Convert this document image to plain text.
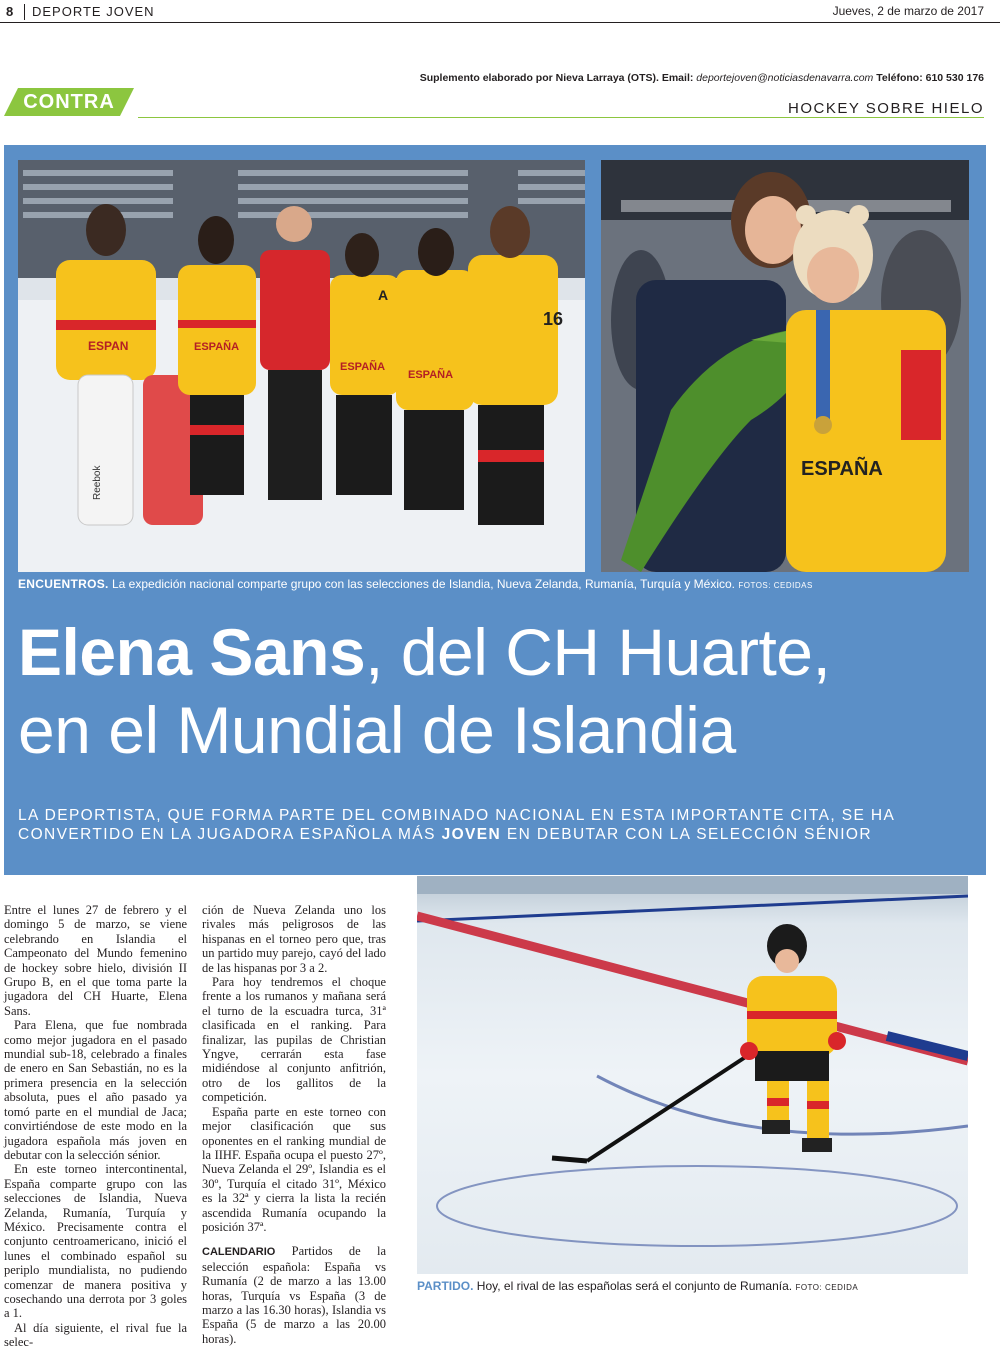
8 DEPORTE JOVEN	Jueves, 2 de marzo de 2017
Suplemento elaborado por Nieva Larraya (OTS). Email: deportejoven@noticiasdenavarra.com Teléfono: 610 530 176
CONTRA	HOCKEY SOBRE HIELO
ESPAN
Reebok
ESPAÑA
ESPAÑA
A
ESPAÑA
16
ESPAÑA
ENCUENTROS. La expedición nacional comparte grupo con las selecciones de Islandia, Nueva Zelanda, Rumanía, Turquía y México. FOTOS: CEDIDAS
Elena Sans, del CH Huarte,
en el Mundial de Islandia
LA DEPORTISTA, QUE FORMA PARTE DEL COMBINADO NACIONAL EN ESTA IMPORTANTE CITA, SE HA CONVERTIDO EN LA JUGADORA ESPAÑOLA MÁS JOVEN EN DEBUTAR CON LA SELECCIÓN SÉNIOR

Entre el lunes 27 de febrero y el domingo 5 de marzo, se viene celebrando en Islandia el Campeonato del Mundo femenino de hockey sobre hielo, división II Grupo B, en el que toma parte la jugadora del CH Huarte, Elena Sans.

Para Elena, que fue nombrada como mejor jugadora en el pasado mundial sub-18, celebrado a finales de enero en San Sebastián, no es la primera presencia en la selección absoluta, pues el año pasado ya tomó parte en el mundial de Jaca; convirtiéndose de este modo en la jugadora española más joven en debutar con la selección sénior.

En este torneo intercontinental, España comparte grupo con las selecciones de Islandia, Nueva Zelanda, Rumanía, Turquía y México. Precisamente contra el conjunto centroamericano, inició el lunes el combinado español su periplo mundialista, no pudiendo comenzar de manera positiva y cosechando una derrota por 3 goles a 1.

Al día siguiente, el rival fue la selec-

ción de Nueva Zelanda uno los rivales más peligrosos de las hispanas en el torneo pero que, tras un partido muy parejo, cayó del lado de las hispanas por 3 a 2.

Para hoy tendremos el choque frente a los rumanos y mañana será el turno de la escuadra turca, 31ª clasificada en el ranking. Para finalizar, las pupilas de Christian Yngve, cerrarán esta fase midiéndose al conjunto anfitrión, otro de los gallitos de la competición.

España parte en este torneo con mejor clasificación que sus oponentes en el ranking mundial de la IIHF. España ocupa el puesto 27º, Nueva Zelanda el 29º, Islandia es el 30º, Turquía el citado 31º, México es la 32ª y cierra la lista la recién ascendida Rumanía ocupando la posición 37ª.

CALENDARIO Partidos de la selección española: España vs Rumanía (2 de marzo a las 13.00 horas, Turquía vs España (3 de marzo a las 16.30 horas), Islandia vs España (5 de marzo a las 20.00 horas).

PARTIDO. Hoy, el rival de las españolas será el conjunto de Rumanía. FOTO: CEDIDA
